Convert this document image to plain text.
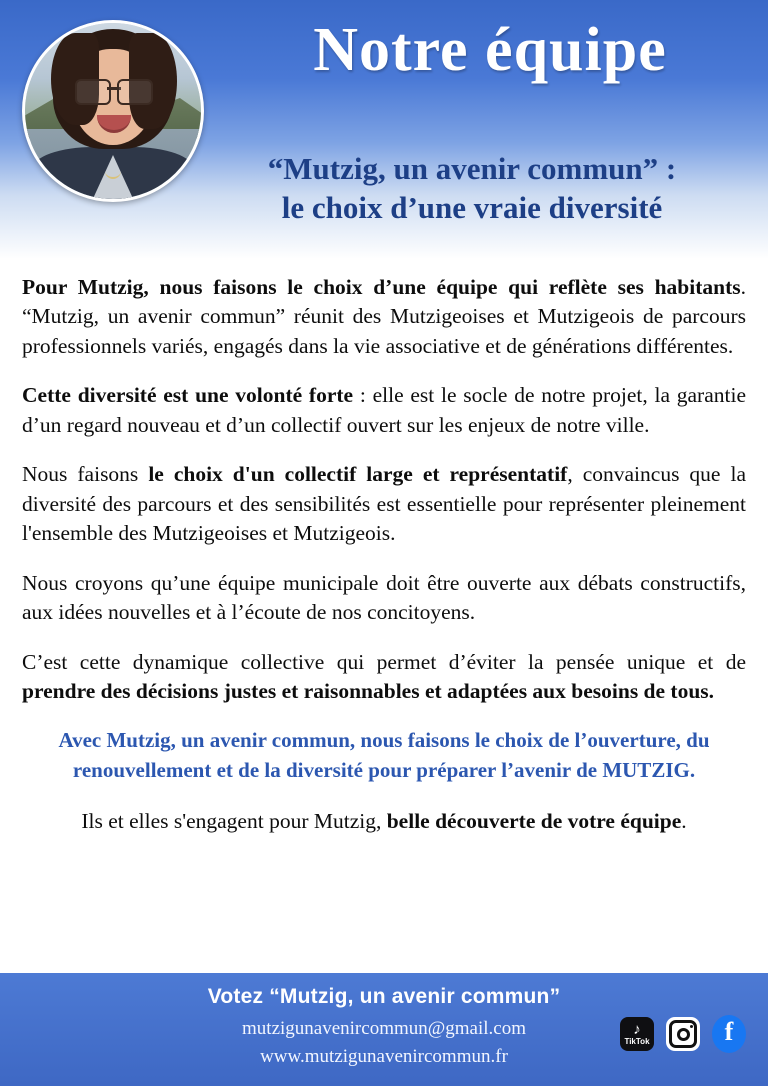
Notre équipe
“Mutzig, un avenir commun” :
le choix d’une vraie diversité

Pour Mutzig, nous faisons le choix d’une équipe qui reflète ses habitants. “Mutzig, un avenir commun” réunit des Mutzigeoises et Mutzigeois de parcours professionnels variés, engagés dans la vie associative et de générations différentes.

Cette diversité est une volonté forte : elle est le socle de notre projet, la garantie d’un regard nouveau et d’un collectif ouvert sur les enjeux de notre ville.

Nous faisons le choix d'un collectif large et représentatif, convaincus que la diversité des parcours et des sensibilités est essentielle pour représenter pleinement l'ensemble des Mutzigeoises et Mutzigeois.

Nous croyons qu’une équipe municipale doit être ouverte aux débats constructifs, aux idées nouvelles et à l’écoute de nos concitoyens.

C’est cette dynamique collective qui permet d’éviter la pensée unique et de prendre des décisions justes et raisonnables et adaptées aux besoins de tous.

Avec Mutzig, un avenir commun, nous faisons le choix de l’ouverture, du renouvellement et de la diversité pour préparer l’avenir de MUTZIG.

Ils et elles s'engagent pour Mutzig, belle découverte de votre équipe.

Votez “Mutzig, un avenir commun”
mutzigunavenircommun@gmail.com
www.mutzigunavenircommun.fr
♪
TikTok	f
